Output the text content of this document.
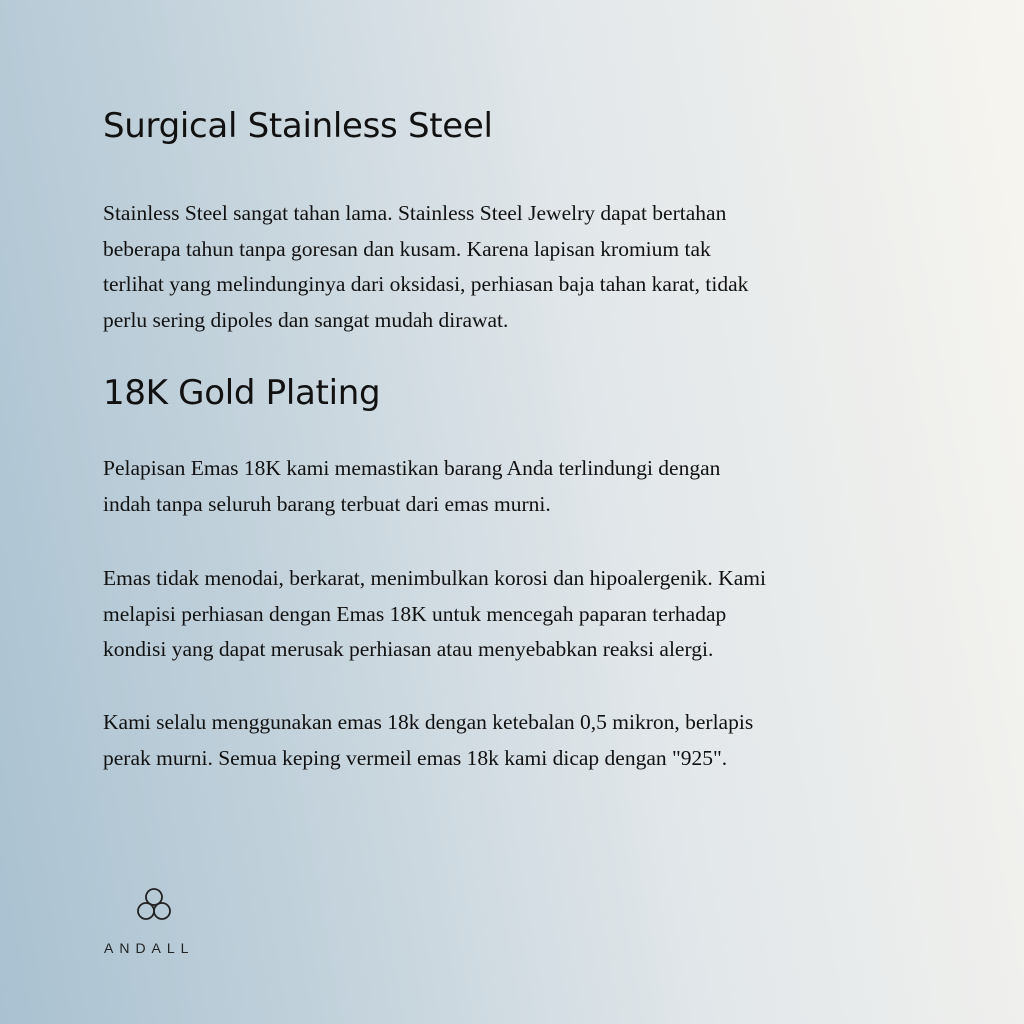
Surgical Stainless Steel
Stainless Steel sangat tahan lama. Stainless Steel Jewelry dapat bertahan
beberapa tahun tanpa goresan dan kusam. Karena lapisan kromium tak
terlihat yang melindunginya dari oksidasi, perhiasan baja tahan karat, tidak
perlu sering dipoles dan sangat mudah dirawat.
18K Gold Plating
Pelapisan Emas 18K kami memastikan barang Anda terlindungi dengan
indah tanpa seluruh barang terbuat dari emas murni.
Emas tidak menodai, berkarat, menimbulkan korosi dan hipoalergenik. Kami
melapisi perhiasan dengan Emas 18K untuk mencegah paparan terhadap
kondisi yang dapat merusak perhiasan atau menyebabkan reaksi alergi.
Kami selalu menggunakan emas 18k dengan ketebalan 0,5 mikron, berlapis
perak murni. Semua keping vermeil emas 18k kami dicap dengan "925".
ANDALL
